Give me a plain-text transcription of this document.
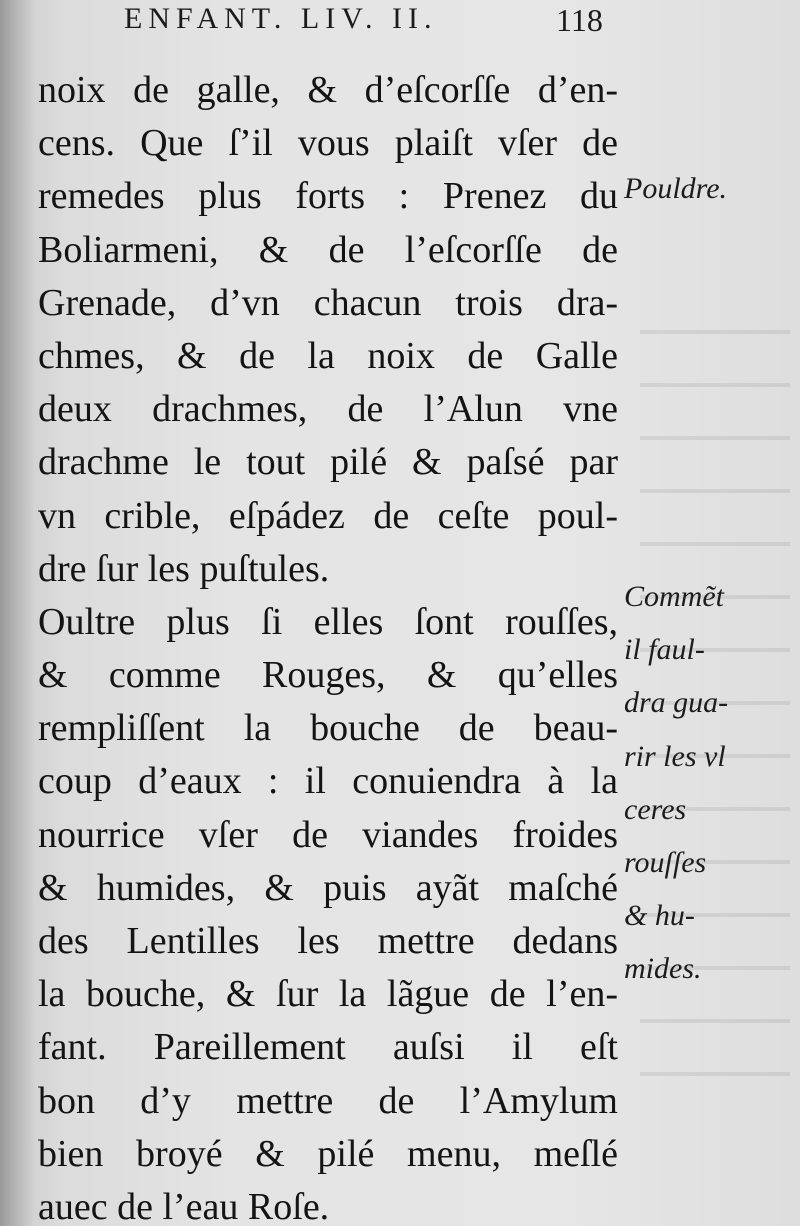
ENFANT. LIV. II.	118
noix de galle, & d’eſcorſſe d’en-
cens. Que ſ’il vous plaiſt vſer de
remedes plus forts : Prenez du
Boliarmeni, & de l’eſcorſſe de
Grenade, d’vn chacun trois dra-
chmes, & de la noix de Galle
deux drachmes, de l’Alun vne
drachme le tout pilé & paſsé par
vn crible, eſpádez de ceſte poul-
dre ſur les puſtules.
Oultre plus ſi elles ſont rouſſes,
& comme Rouges, & qu’elles
rempliſſent la bouche de beau-
coup d’eaux : il conuiendra à la
nourrice vſer de viandes froides
& humides, & puis ayãt maſché
des Lentilles les mettre dedans
la bouche, & ſur la lãgue de l’en-
fant. Pareillement auſsi il eſt
bon d’y mettre de l’Amylum
bien broyé & pilé menu, meſlé
auec de l’eau Roſe.
Pouldre.
Commẽt
il faul-
dra gua-
rir les vl
ceres
rouſſes
& hu-
mides.
